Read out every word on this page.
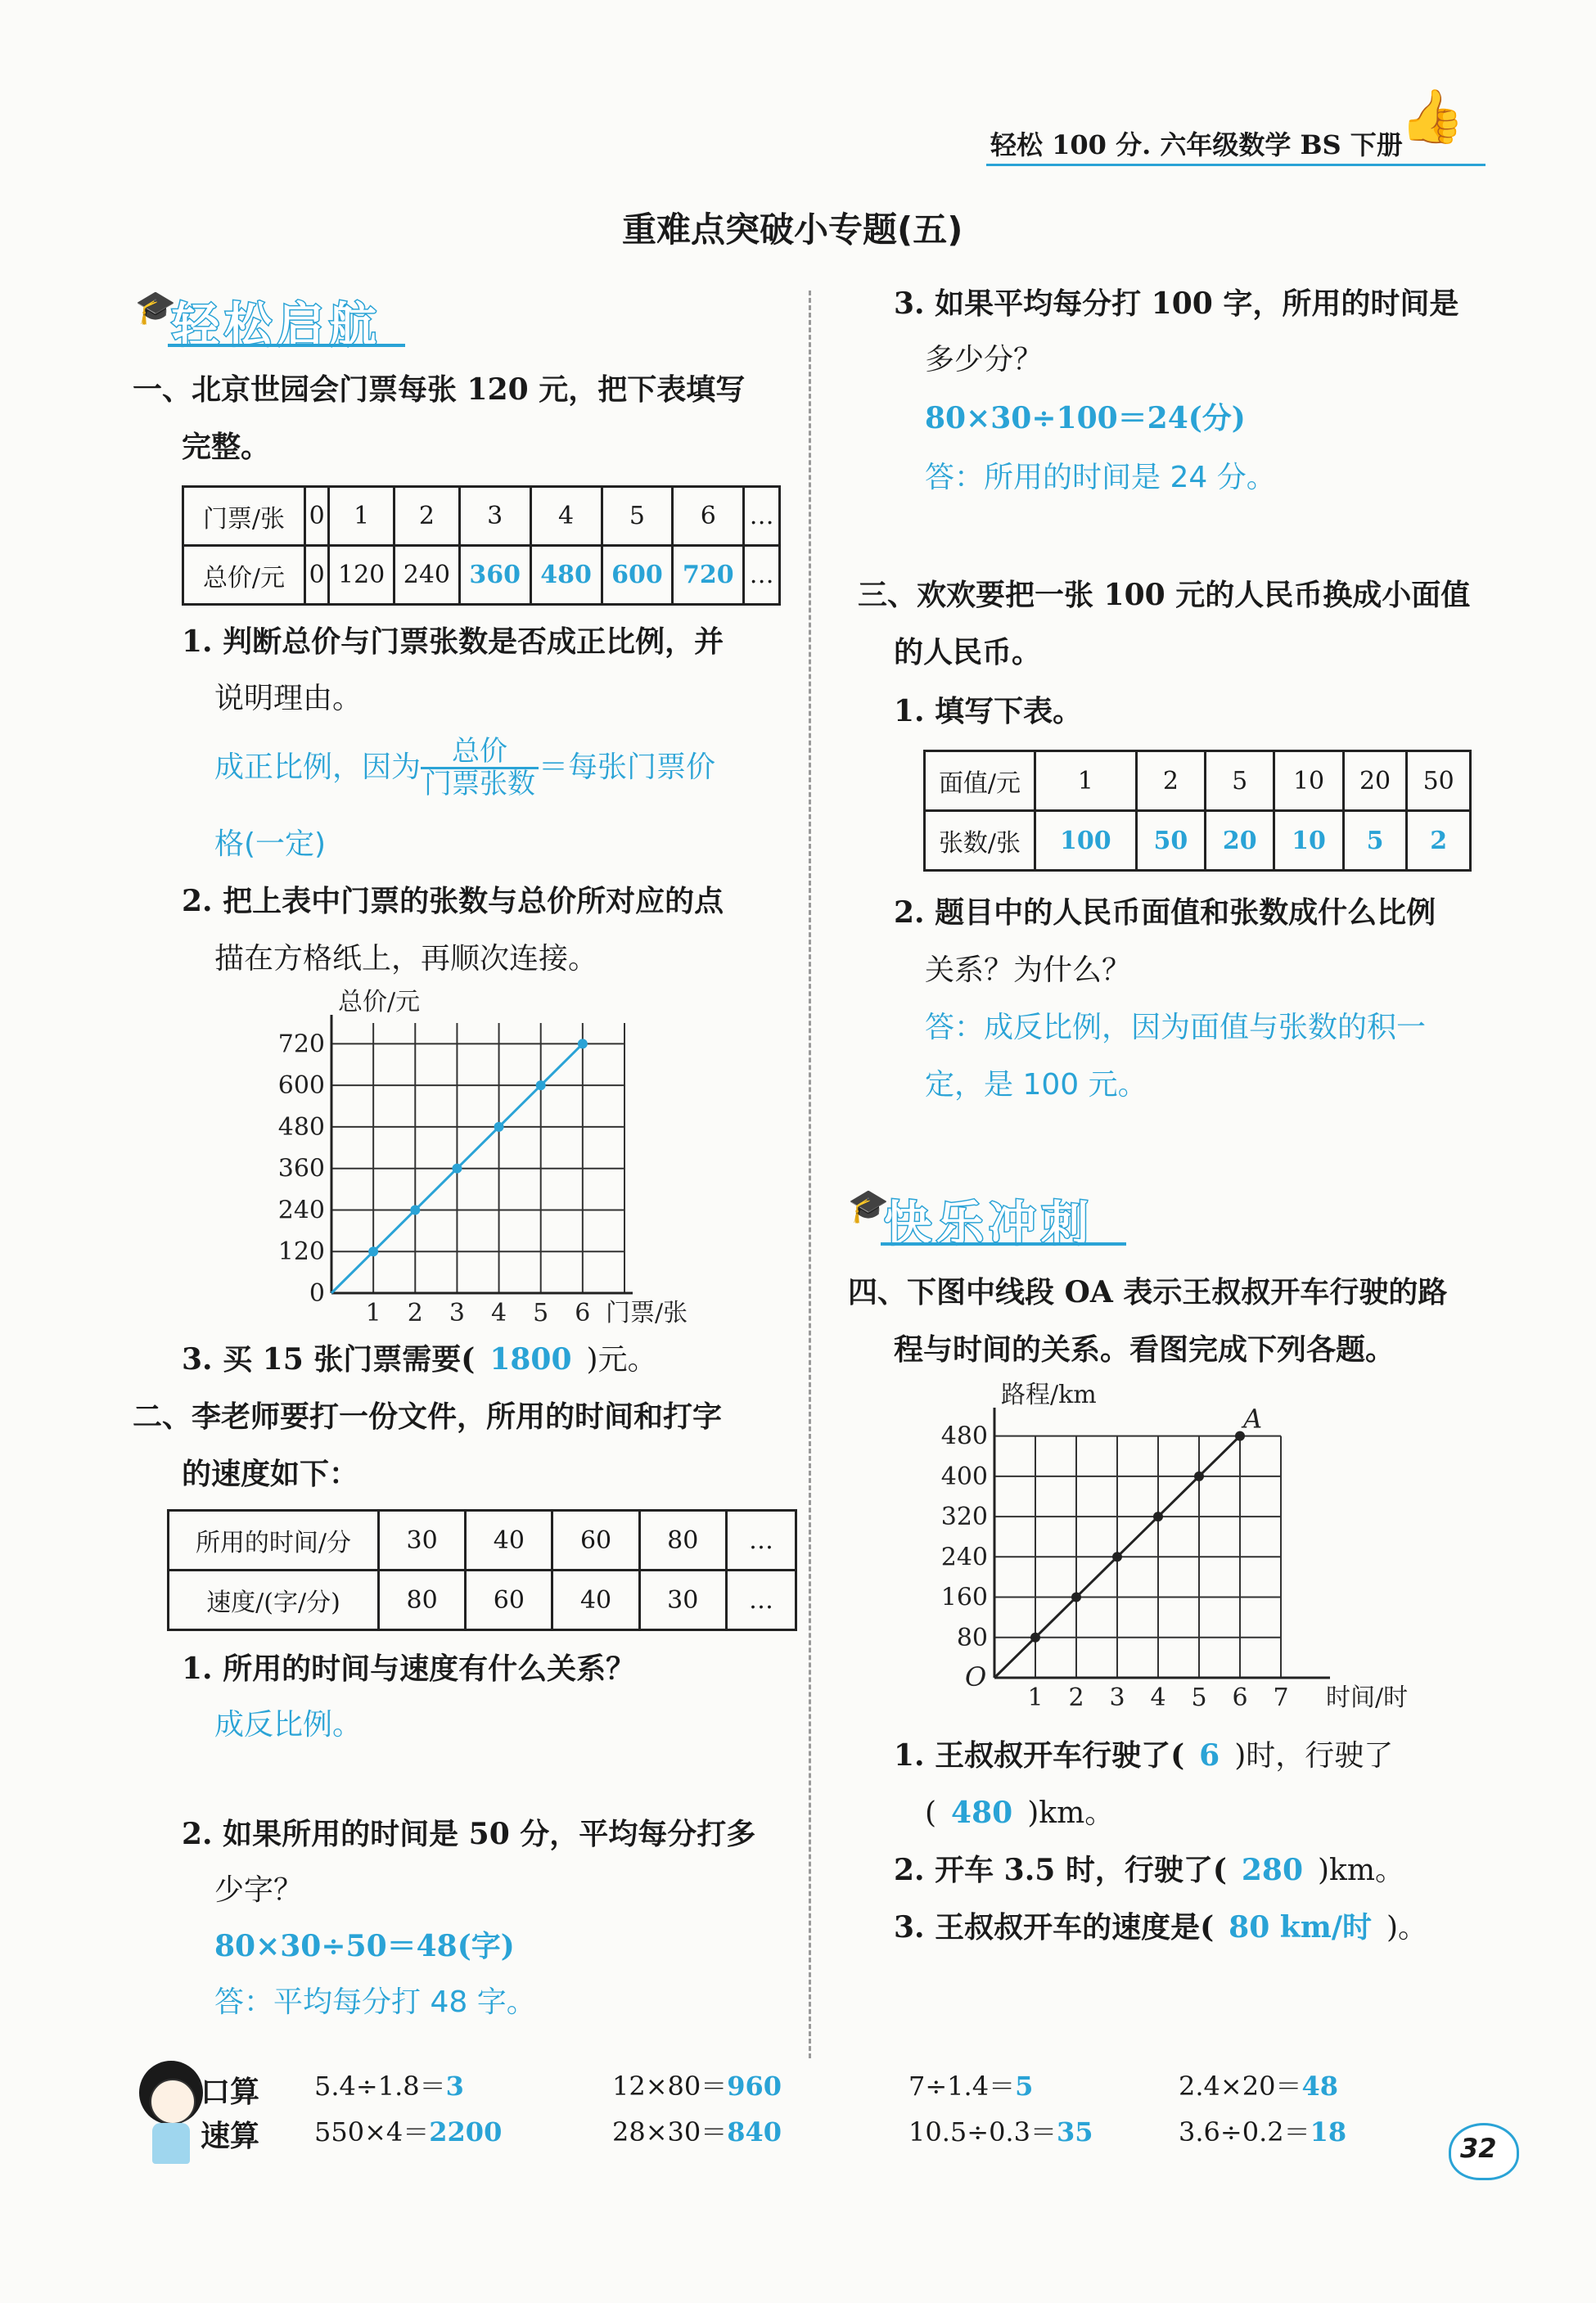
轻松 100 分. 六年级数学 BS 下册
👍
重难点突破小专题(五)
🎓
轻松启航
一、北京世园会门票每张 120 元，把下表填写
完整。
门票/张	0	1	2	3	4	5	6	…
总价/元	0	120	240	360	480	600	720	…
1. 判断总价与门票张数是否成正比例，并
说明理由。
成正比例，因为 $\frac{\text{总价}}{\text{门票张数}}$ ＝每张门票价
格(一定)
2. 把上表中门票的张数与总价所对应的点
描在方格纸上，再顺次连接。
1 2 3 4 5 6
0
120
240
360
480
600
720
总价/元
门票/张
3. 买 15 张门票需要( 1800 )元。
二、李老师要打一份文件，所用的时间和打字
的速度如下：
所用的时间/分	30	40	60	80	…
速度/(字/分)	80	60	40	30	…
1. 所用的时间与速度有什么关系？
成反比例。
2. 如果所用的时间是 50 分，平均每分打多
少字？
80×30÷50＝48(字)
答：平均每分打 48 字。
3. 如果平均每分打 100 字，所用的时间是
多少分？
80×30÷100＝24(分)
答：所用的时间是 24 分。
三、欢欢要把一张 100 元的人民币换成小面值
的人民币。
1. 填写下表。
面值/元	1	2	5	10	20	50
张数/张	100	50	20	10	5	2
2. 题目中的人民币面值和张数成什么比例
关系？为什么？
答：成反比例，因为面值与张数的积一
定，是 100 元。
🎓
快乐冲刺
四、下图中线段 OA 表示王叔叔开车行驶的路
程与时间的关系。看图完成下列各题。
1 2 3 4 5 6 7
80
160
240
320
400
480
路程/km
时间/时
O
A
1. 王叔叔开车行驶了( 6 )时，行驶了
( 480 )km。
2. 开车 3.5 时，行驶了( 280 )km。
3. 王叔叔开车的速度是( 80 km/时 )。
口算速算
5.4÷1.8＝3	12×80＝960	7÷1.4＝5	2.4×20＝48
550×4＝2200	28×30＝840	10.5÷0.3＝35	3.6÷0.2＝18
32
